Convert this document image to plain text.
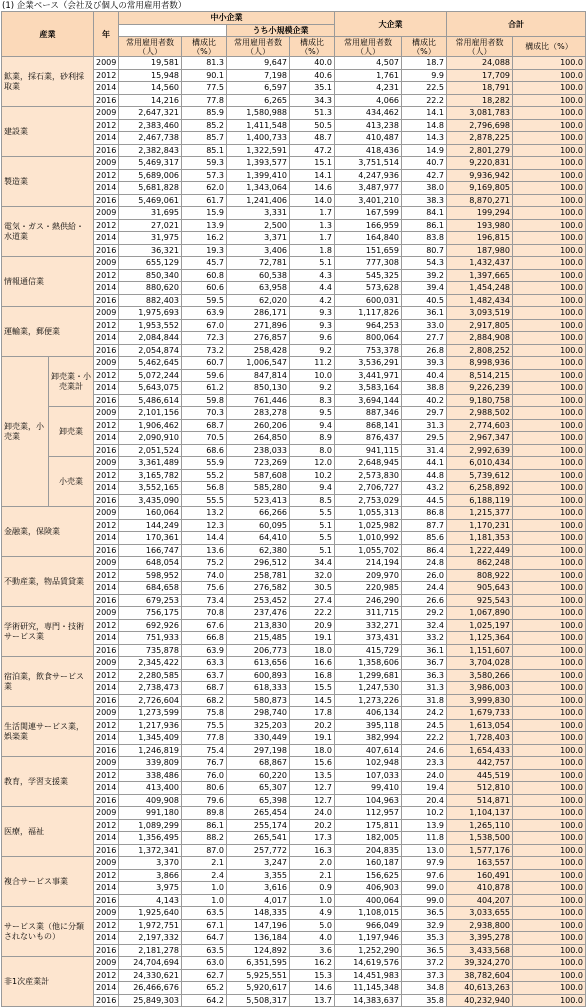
(1) 企業ベース（会社及び個人の常用雇用者数）
産業		年	中小企業				大企業		合計	
					うち小規模企業					
			常用雇用者数（人）	構成比（%）	常用雇用者数（人）	構成比（%）	常用雇用者数（人）	構成比（%）	常用雇用者数（人）	構成比（%）
鉱業，採石業，砂利採取業		2009	19,581	81.3	9,647	40.0	4,507	18.7	24,088	100.0
		2012	15,948	90.1	7,198	40.6	1,761	9.9	17,709	100.0
		2014	14,560	77.5	6,597	35.1	4,231	22.5	18,791	100.0
		2016	14,216	77.8	6,265	34.3	4,066	22.2	18,282	100.0
建設業		2009	2,647,321	85.9	1,580,988	51.3	434,462	14.1	3,081,783	100.0
		2012	2,383,460	85.2	1,411,548	50.5	413,238	14.8	2,796,698	100.0
		2014	2,467,738	85.7	1,400,733	48.7	410,487	14.3	2,878,225	100.0
		2016	2,382,843	85.1	1,322,591	47.2	418,436	14.9	2,801,279	100.0
製造業		2009	5,469,317	59.3	1,393,577	15.1	3,751,514	40.7	9,220,831	100.0
		2012	5,689,006	57.3	1,399,410	14.1	4,247,936	42.7	9,936,942	100.0
		2014	5,681,828	62.0	1,343,064	14.6	3,487,977	38.0	9,169,805	100.0
		2016	5,469,061	61.7	1,241,406	14.0	3,401,210	38.3	8,870,271	100.0
電気・ガス・熱供給・水道業		2009	31,695	15.9	3,331	1.7	167,599	84.1	199,294	100.0
		2012	27,021	13.9	2,500	1.3	166,959	86.1	193,980	100.0
		2014	31,975	16.2	3,371	1.7	164,840	83.8	196,815	100.0
		2016	36,321	19.3	3,406	1.8	151,659	80.7	187,980	100.0
情報通信業		2009	655,129	45.7	72,781	5.1	777,308	54.3	1,432,437	100.0
		2012	850,340	60.8	60,538	4.3	545,325	39.2	1,397,665	100.0
		2014	880,620	60.6	63,958	4.4	573,628	39.4	1,454,248	100.0
		2016	882,403	59.5	62,020	4.2	600,031	40.5	1,482,434	100.0
運輸業，郵便業		2009	1,975,693	63.9	286,171	9.3	1,117,826	36.1	3,093,519	100.0
		2012	1,953,552	67.0	271,896	9.3	964,253	33.0	2,917,805	100.0
		2014	2,084,844	72.3	276,857	9.6	800,064	27.7	2,884,908	100.0
		2016	2,054,874	73.2	258,428	9.2	753,378	26.8	2,808,252	100.0
卸売業，小売業	卸売業・小売業計	2009	5,462,645	60.7	1,006,547	11.2	3,536,291	39.3	8,998,936	100.0
		2012	5,072,244	59.6	847,814	10.0	3,441,971	40.4	8,514,215	100.0
		2014	5,643,075	61.2	850,130	9.2	3,583,164	38.8	9,226,239	100.0
		2016	5,486,614	59.8	761,446	8.3	3,694,144	40.2	9,180,758	100.0
	卸売業	2009	2,101,156	70.3	283,278	9.5	887,346	29.7	2,988,502	100.0
		2012	1,906,462	68.7	260,206	9.4	868,141	31.3	2,774,603	100.0
		2014	2,090,910	70.5	264,850	8.9	876,437	29.5	2,967,347	100.0
		2016	2,051,524	68.6	238,033	8.0	941,115	31.4	2,992,639	100.0
	小売業	2009	3,361,489	55.9	723,269	12.0	2,648,945	44.1	6,010,434	100.0
		2012	3,165,782	55.2	587,608	10.2	2,573,830	44.8	5,739,612	100.0
		2014	3,552,165	56.8	585,280	9.4	2,706,727	43.2	6,258,892	100.0
		2016	3,435,090	55.5	523,413	8.5	2,753,029	44.5	6,188,119	100.0
金融業，保険業		2009	160,064	13.2	66,266	5.5	1,055,313	86.8	1,215,377	100.0
		2012	144,249	12.3	60,095	5.1	1,025,982	87.7	1,170,231	100.0
		2014	170,361	14.4	64,410	5.5	1,010,992	85.6	1,181,353	100.0
		2016	166,747	13.6	62,380	5.1	1,055,702	86.4	1,222,449	100.0
不動産業，物品賃貸業		2009	648,054	75.2	296,512	34.4	214,194	24.8	862,248	100.0
		2012	598,952	74.0	258,781	32.0	209,970	26.0	808,922	100.0
		2014	684,658	75.6	276,582	30.5	220,985	24.4	905,643	100.0
		2016	679,253	73.4	253,452	27.4	246,290	26.6	925,543	100.0
学術研究，専門・技術サービス業		2009	756,175	70.8	237,476	22.2	311,715	29.2	1,067,890	100.0
		2012	692,926	67.6	213,830	20.9	332,271	32.4	1,025,197	100.0
		2014	751,933	66.8	215,485	19.1	373,431	33.2	1,125,364	100.0
		2016	735,878	63.9	206,773	18.0	415,729	36.1	1,151,607	100.0
宿泊業，飲食サービス業		2009	2,345,422	63.3	613,656	16.6	1,358,606	36.7	3,704,028	100.0
		2012	2,280,585	63.7	600,893	16.8	1,299,681	36.3	3,580,266	100.0
		2014	2,738,473	68.7	618,333	15.5	1,247,530	31.3	3,986,003	100.0
		2016	2,726,604	68.2	580,873	14.5	1,273,226	31.8	3,999,830	100.0
生活関連サービス業，娯楽業		2009	1,273,599	75.8	298,740	17.8	406,134	24.2	1,679,733	100.0
		2012	1,217,936	75.5	325,203	20.2	395,118	24.5	1,613,054	100.0
		2014	1,345,409	77.8	330,449	19.1	382,994	22.2	1,728,403	100.0
		2016	1,246,819	75.4	297,198	18.0	407,614	24.6	1,654,433	100.0
教育，学習支援業		2009	339,809	76.7	68,867	15.6	102,948	23.3	442,757	100.0
		2012	338,486	76.0	60,220	13.5	107,033	24.0	445,519	100.0
		2014	413,400	80.6	65,307	12.7	99,410	19.4	512,810	100.0
		2016	409,908	79.6	65,398	12.7	104,963	20.4	514,871	100.0
医療，福祉		2009	991,180	89.8	265,454	24.0	112,957	10.2	1,104,137	100.0
		2012	1,089,299	86.1	255,174	20.2	175,811	13.9	1,265,110	100.0
		2014	1,356,495	88.2	265,541	17.3	182,005	11.8	1,538,500	100.0
		2016	1,372,341	87.0	257,772	16.3	204,835	13.0	1,577,176	100.0
複合サービス事業		2009	3,370	2.1	3,247	2.0	160,187	97.9	163,557	100.0
		2012	3,866	2.4	3,355	2.1	156,625	97.6	160,491	100.0
		2014	3,975	1.0	3,616	0.9	406,903	99.0	410,878	100.0
		2016	4,143	1.0	4,017	1.0	400,064	99.0	404,207	100.0
サービス業（他に分類されないもの）		2009	1,925,640	63.5	148,335	4.9	1,108,015	36.5	3,033,655	100.0
		2012	1,972,751	67.1	147,196	5.0	966,049	32.9	2,938,800	100.0
		2014	2,197,332	64.7	136,184	4.0	1,197,946	35.3	3,395,278	100.0
		2016	2,181,278	63.5	124,892	3.6	1,252,290	36.5	3,433,568	100.0
非1次産業計		2009	24,704,694	63.0	6,351,595	16.2	14,619,576	37.2	39,324,270	100.0
		2012	24,330,621	62.7	5,925,551	15.3	14,451,983	37.3	38,782,604	100.0
		2014	26,466,676	65.2	5,920,617	14.6	11,145,348	34.8	40,613,263	100.0
		2016	25,849,303	64.2	5,508,317	13.7	14,383,637	35.8	40,232,940	100.0
